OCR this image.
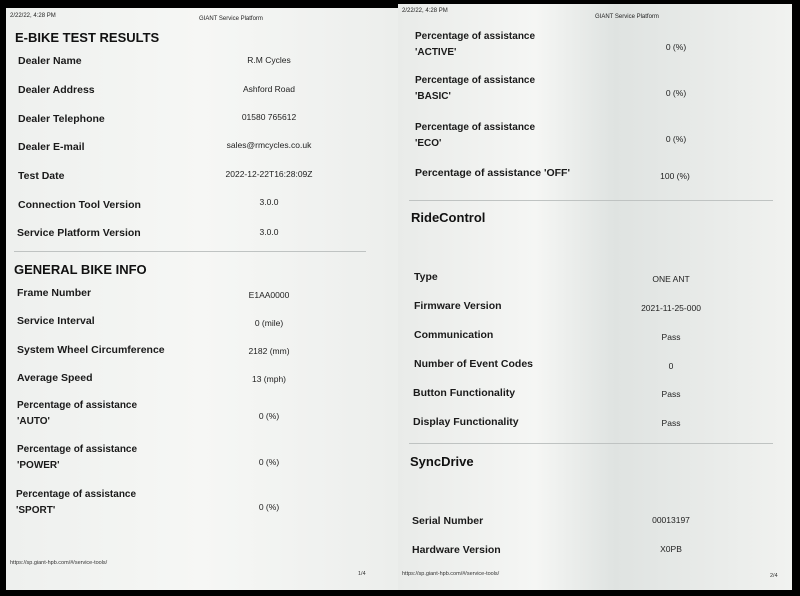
2/22/22, 4:28 PM	GIANT Service Platform
E-BIKE TEST RESULTS
Dealer Name	R.M Cycles
Dealer Address	Ashford Road
Dealer Telephone	01580 765612
Dealer E-mail	sales@rmcycles.co.uk
Test Date	2022-12-22T16:28:09Z
Connection Tool Version	3.0.0
Service Platform Version	3.0.0
GENERAL BIKE INFO
Frame Number	E1AA0000
Service Interval	0 (mile)
System Wheel Circumference	2182 (mm)
Average Speed	13 (mph)
Percentage of assistance
'AUTO'	0 (%)
Percentage of assistance
'POWER'	0 (%)
Percentage of assistance
'SPORT'	0 (%)
https://sp.giant-hpb.com/#/service-tools/
1/4
2/22/22, 4:28 PM
GIANT Service Platform
Percentage of assistance
'ACTIVE'	0 (%)
Percentage of assistance
'BASIC'	0 (%)
Percentage of assistance
'ECO'	0 (%)
Percentage of assistance 'OFF'	100 (%)
RideControl
Type	ONE ANT
Firmware Version	2021-11-25-000
Communication	Pass
Number of Event Codes	0
Button Functionality	Pass
Display Functionality	Pass
SyncDrive
Serial Number	00013197
Hardware Version	X0PB
https://sp.giant-hpb.com/#/service-tools/	2/4
